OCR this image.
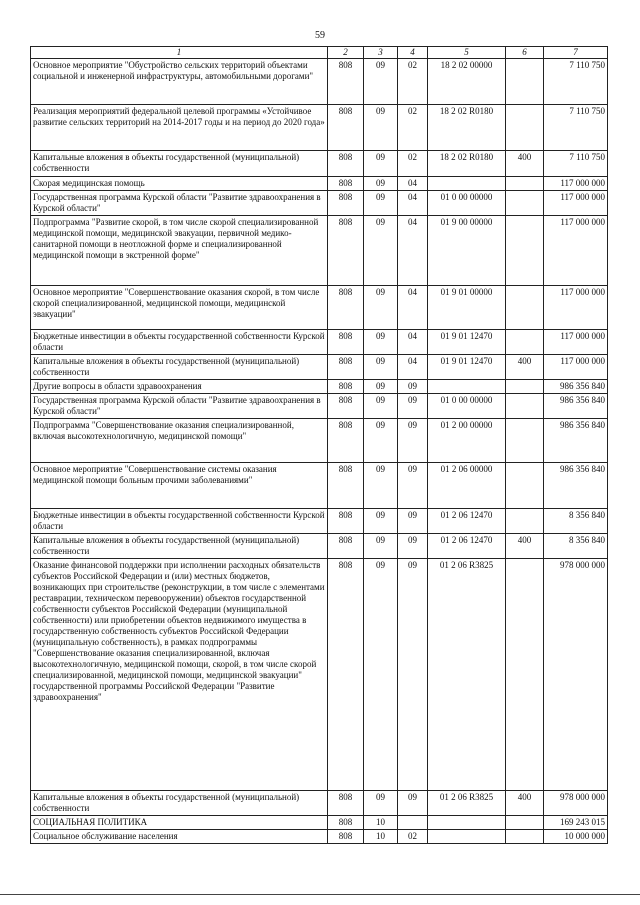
59
1	2	3	4	5	6	7
Основное мероприятие "Обустройство сельских территорий объектами социальной и инженерной инфраструктуры, автомобильными дорогами"	808	09	02	18 2 02 00000		7 110 750
Реализация мероприятий федеральной целевой программы «Устойчивое развитие сельских территорий на 2014-2017 годы и на период до 2020 года»	808	09	02	18 2 02 R0180		7 110 750
Капитальные вложения в объекты государственной (муниципальной) собственности	808	09	02	18 2 02 R0180	400	7 110 750
Скорая медицинская помощь	808	09	04			117 000 000
Государственная программа Курской области "Развитие здравоохранения в Курской области"	808	09	04	01 0 00 00000		117 000 000
Подпрограмма "Развитие скорой, в том числе скорой специализированной медицинской помощи, медицинской эвакуации, первичной медико-санитарной помощи в неотложной форме и специализированной медицинской помощи в экстренной форме"	808	09	04	01 9 00 00000		117 000 000
Основное мероприятие "Совершенствование оказания скорой, в том числе скорой специализированной, медицинской помощи, медицинской эвакуации"	808	09	04	01 9 01 00000		117 000 000
Бюджетные инвестиции в объекты государственной собственности Курской области	808	09	04	01 9 01 12470		117 000 000
Капитальные вложения в объекты государственной (муниципальной) собственности	808	09	04	01 9 01 12470	400	117 000 000
Другие вопросы в области здравоохранения	808	09	09			986 356 840
Государственная программа Курской области "Развитие здравоохранения в Курской области"	808	09	09	01 0 00 00000		986 356 840
Подпрограмма "Совершенствование оказания специализированной, включая высокотехнологичную, медицинской помощи"	808	09	09	01 2 00 00000		986 356 840
Основное мероприятие "Совершенствование системы оказания медицинской помощи больным прочими заболеваниями"	808	09	09	01 2 06 00000		986 356 840
Бюджетные инвестиции в объекты государственной собственности Курской области	808	09	09	01 2 06 12470		8 356 840
Капитальные вложения в объекты государственной (муниципальной) собственности	808	09	09	01 2 06 12470	400	8 356 840
Оказание финансовой поддержки при исполнении расходных обязательств субъектов Российской Федерации и (или) местных бюджетов, возникающих при строительстве (реконструкции, в том числе с элементами реставрации, техническом перевооружении) объектов государственной собственности субъектов Российской Федерации (муниципальной собственности) или приобретении объектов недвижимого имущества в государственную собственность субъектов Российской Федерации (муниципальную собственность), в рамках подпрограммы "Совершенствование оказания специализированной, включая высокотехнологичную, медицинской помощи, скорой, в том числе скорой специализированной, медицинской помощи, медицинской эвакуации" государственной программы Российской Федерации "Развитие здравоохранения"	808	09	09	01 2 06 R3825		978 000 000
Капитальные вложения в объекты государственной (муниципальной) собственности	808	09	09	01 2 06 R3825	400	978 000 000
СОЦИАЛЬНАЯ ПОЛИТИКА	808	10				169 243 015
Социальное обслуживание населения	808	10	02			10 000 000
